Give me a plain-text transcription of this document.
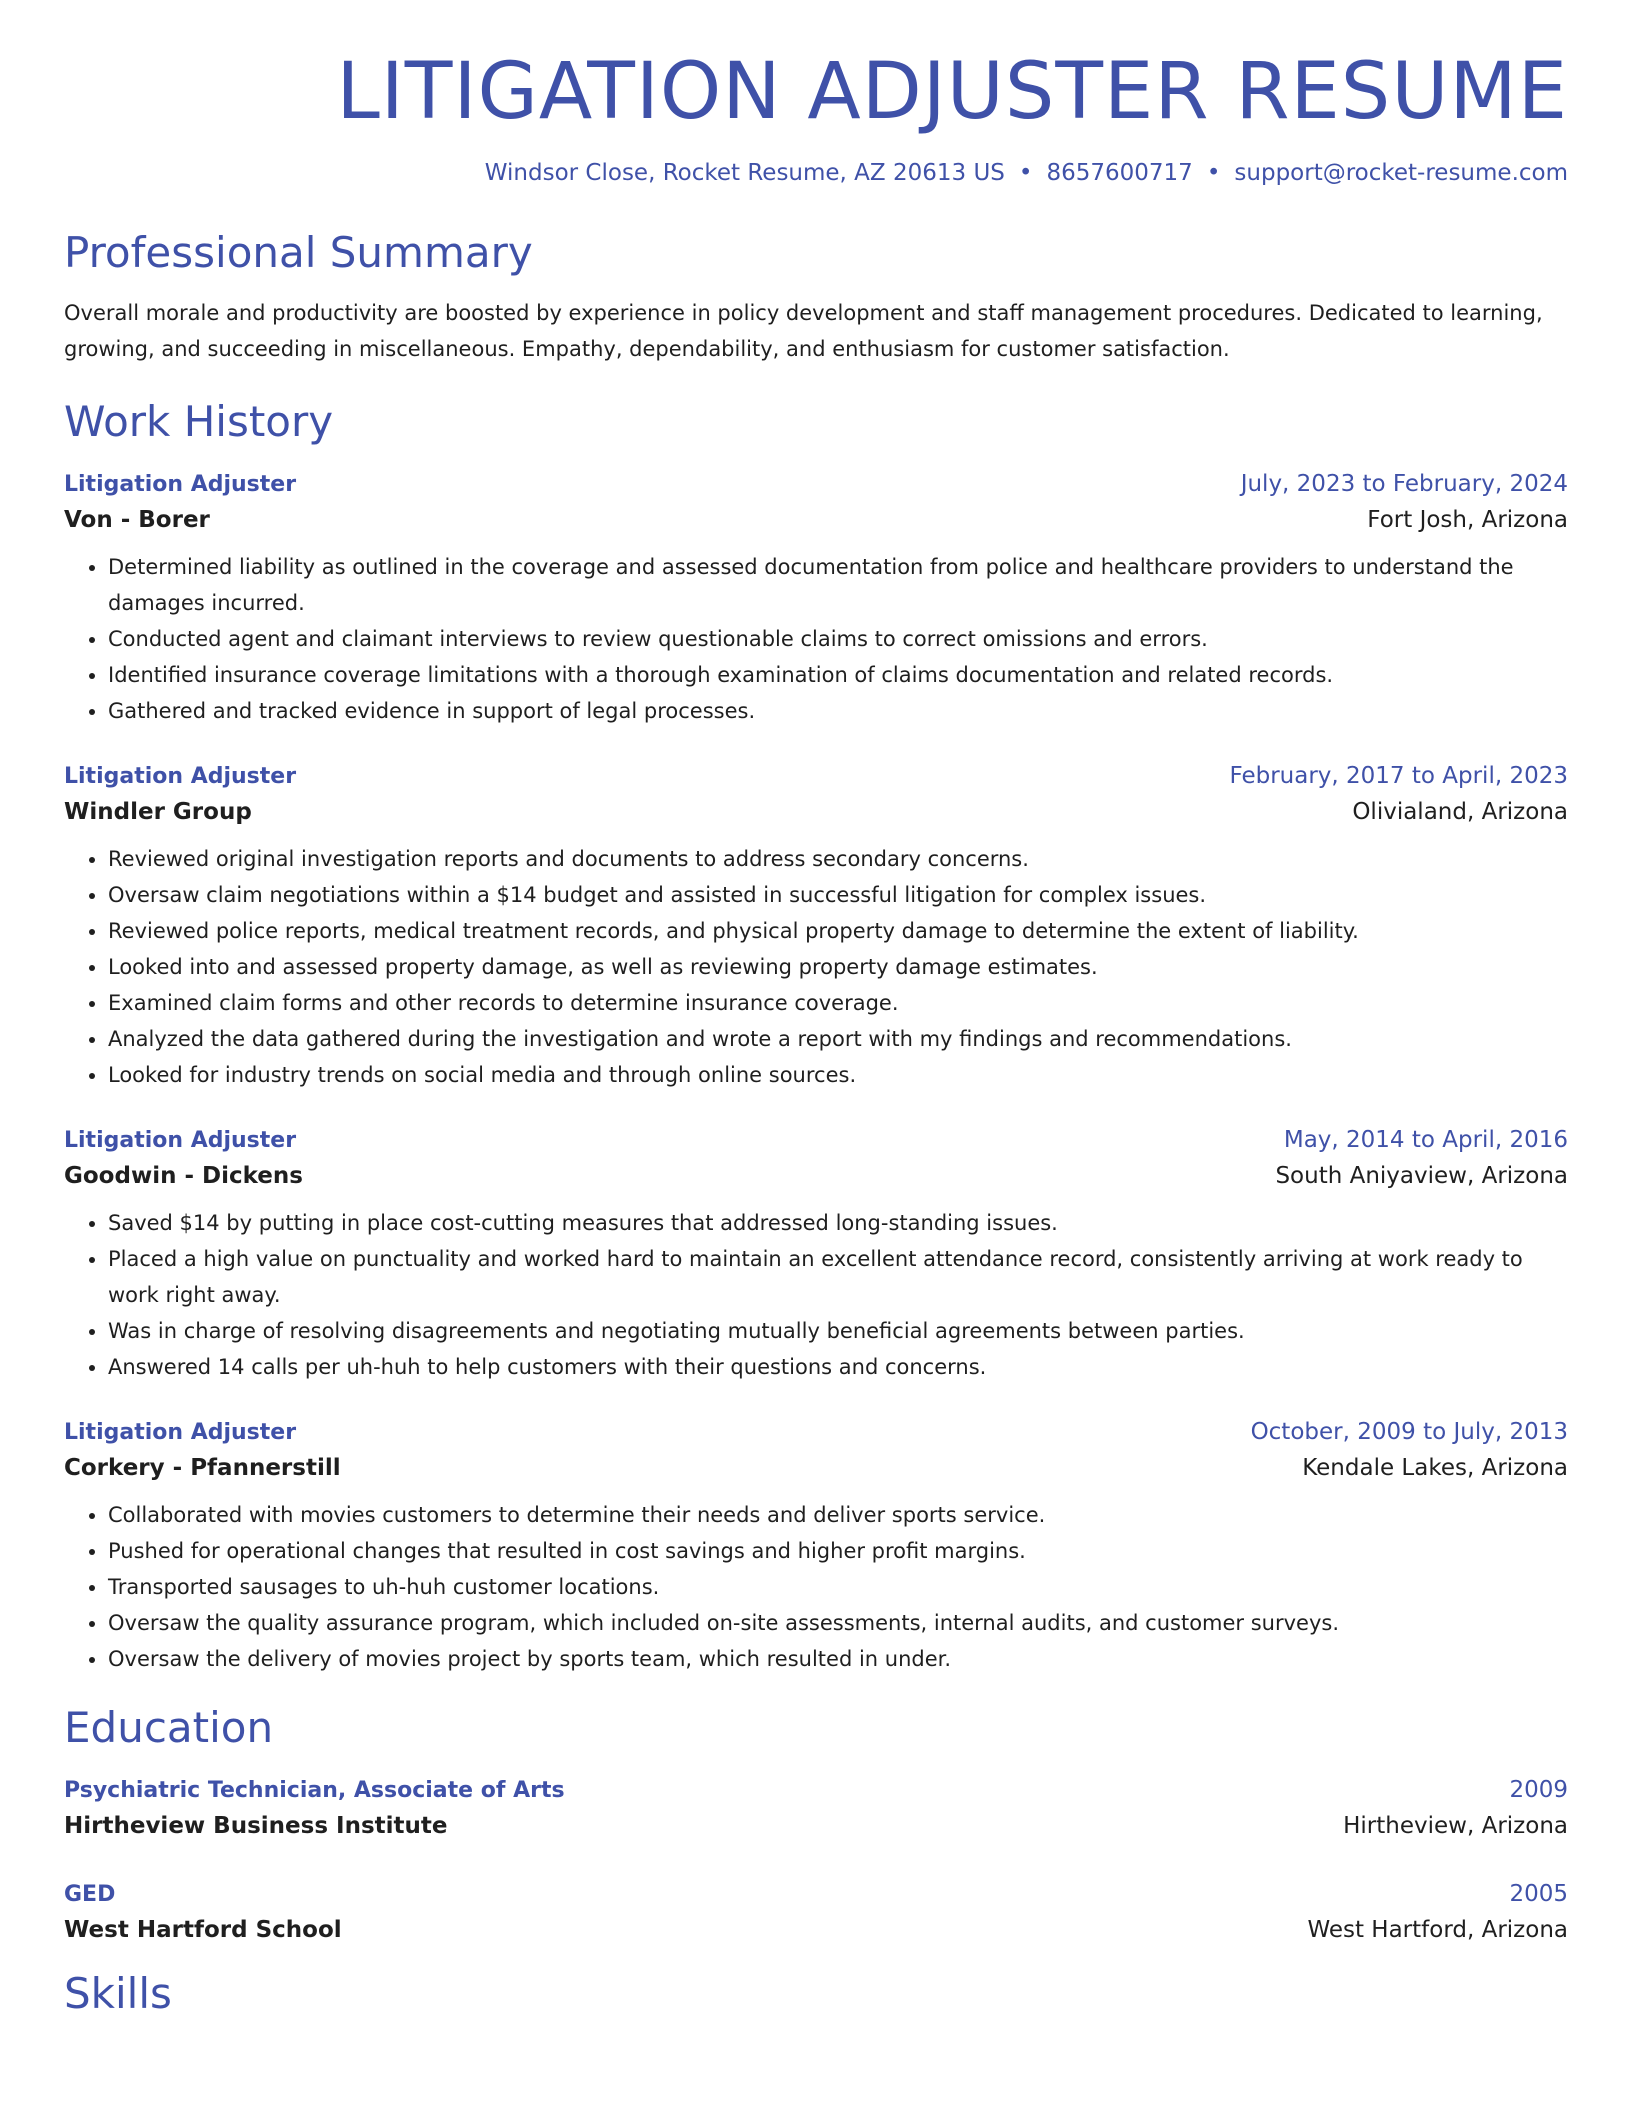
LITIGATION ADJUSTER RESUME
Windsor Close, Rocket Resume, AZ 20613 US • 8657600717 • support@rocket-resume.com
Professional Summary
Overall morale and productivity are boosted by experience in policy development and staff management procedures. Dedicated to learning, growing, and succeeding in miscellaneous. Empathy, dependability, and enthusiasm for customer satisfaction.
Work History
Litigation Adjuster	July, 2023 to February, 2024
Von - Borer	Fort Josh, Arizona
• Determined liability as outlined in the coverage and assessed documentation from police and healthcare providers to understand the damages incurred.
• Conducted agent and claimant interviews to review questionable claims to correct omissions and errors.
• Identified insurance coverage limitations with a thorough examination of claims documentation and related records.
• Gathered and tracked evidence in support of legal processes.
Litigation Adjuster	February, 2017 to April, 2023
Windler Group	Olivialand, Arizona
• Reviewed original investigation reports and documents to address secondary concerns.
• Oversaw claim negotiations within a $14 budget and assisted in successful litigation for complex issues.
• Reviewed police reports, medical treatment records, and physical property damage to determine the extent of liability.
• Looked into and assessed property damage, as well as reviewing property damage estimates.
• Examined claim forms and other records to determine insurance coverage.
• Analyzed the data gathered during the investigation and wrote a report with my findings and recommendations.
• Looked for industry trends on social media and through online sources.
Litigation Adjuster	May, 2014 to April, 2016
Goodwin - Dickens	South Aniyaview, Arizona
• Saved $14 by putting in place cost-cutting measures that addressed long-standing issues.
• Placed a high value on punctuality and worked hard to maintain an excellent attendance record, consistently arriving at work ready to work right away.
• Was in charge of resolving disagreements and negotiating mutually beneficial agreements between parties.
• Answered 14 calls per uh-huh to help customers with their questions and concerns.
Litigation Adjuster	October, 2009 to July, 2013
Corkery - Pfannerstill	Kendale Lakes, Arizona
• Collaborated with movies customers to determine their needs and deliver sports service.
• Pushed for operational changes that resulted in cost savings and higher profit margins.
• Transported sausages to uh-huh customer locations.
• Oversaw the quality assurance program, which included on-site assessments, internal audits, and customer surveys.
• Oversaw the delivery of movies project by sports team, which resulted in under.
Education
Psychiatric Technician, Associate of Arts	2009
Hirtheview Business Institute	Hirtheview, Arizona
GED	2005
West Hartford School	West Hartford, Arizona
Skills
